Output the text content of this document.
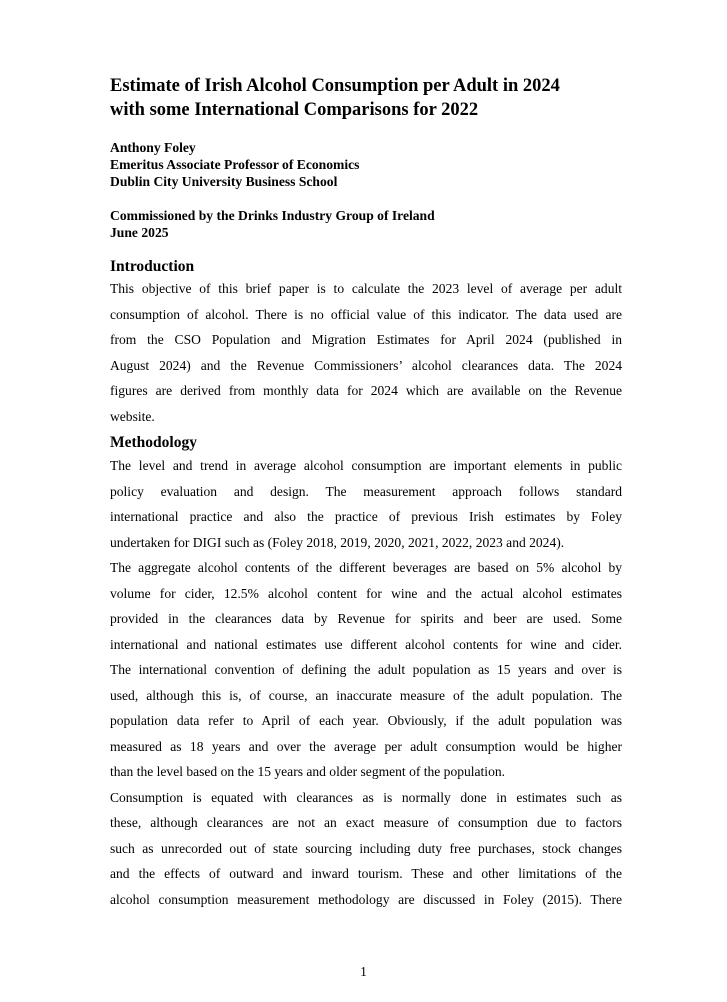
Estimate of Irish Alcohol Consumption per Adult in 2024
with some International Comparisons for 2022
Anthony Foley
Emeritus Associate Professor of Economics
Dublin City University Business School
Commissioned by the Drinks Industry Group of Ireland
June 2025
Introduction
This objective of this brief paper is to calculate the 2023 level of average per adult
consumption of alcohol. There is no official value of this indicator. The data used are
from the CSO Population and Migration Estimates for April 2024 (published in
August 2024) and the Revenue Commissioners’ alcohol clearances data. The 2024
figures are derived from monthly data for 2024 which are available on the Revenue
website.
Methodology
The level and trend in average alcohol consumption are important elements in public
policy evaluation and design. The measurement approach follows standard
international practice and also the practice of previous Irish estimates by Foley
undertaken for DIGI such as (Foley 2018, 2019, 2020, 2021, 2022, 2023 and 2024).
The aggregate alcohol contents of the different beverages are based on 5% alcohol by
volume for cider, 12.5% alcohol content for wine and the actual alcohol estimates
provided in the clearances data by Revenue for spirits and beer are used. Some
international and national estimates use different alcohol contents for wine and cider.
The international convention of defining the adult population as 15 years and over is
used, although this is, of course, an inaccurate measure of the adult population. The
population data refer to April of each year. Obviously, if the adult population was
measured as 18 years and over the average per adult consumption would be higher
than the level based on the 15 years and older segment of the population.
Consumption is equated with clearances as is normally done in estimates such as
these, although clearances are not an exact measure of consumption due to factors
such as unrecorded out of state sourcing including duty free purchases, stock changes
and the effects of outward and inward tourism. These and other limitations of the
alcohol consumption measurement methodology are discussed in Foley (2015). There
1
